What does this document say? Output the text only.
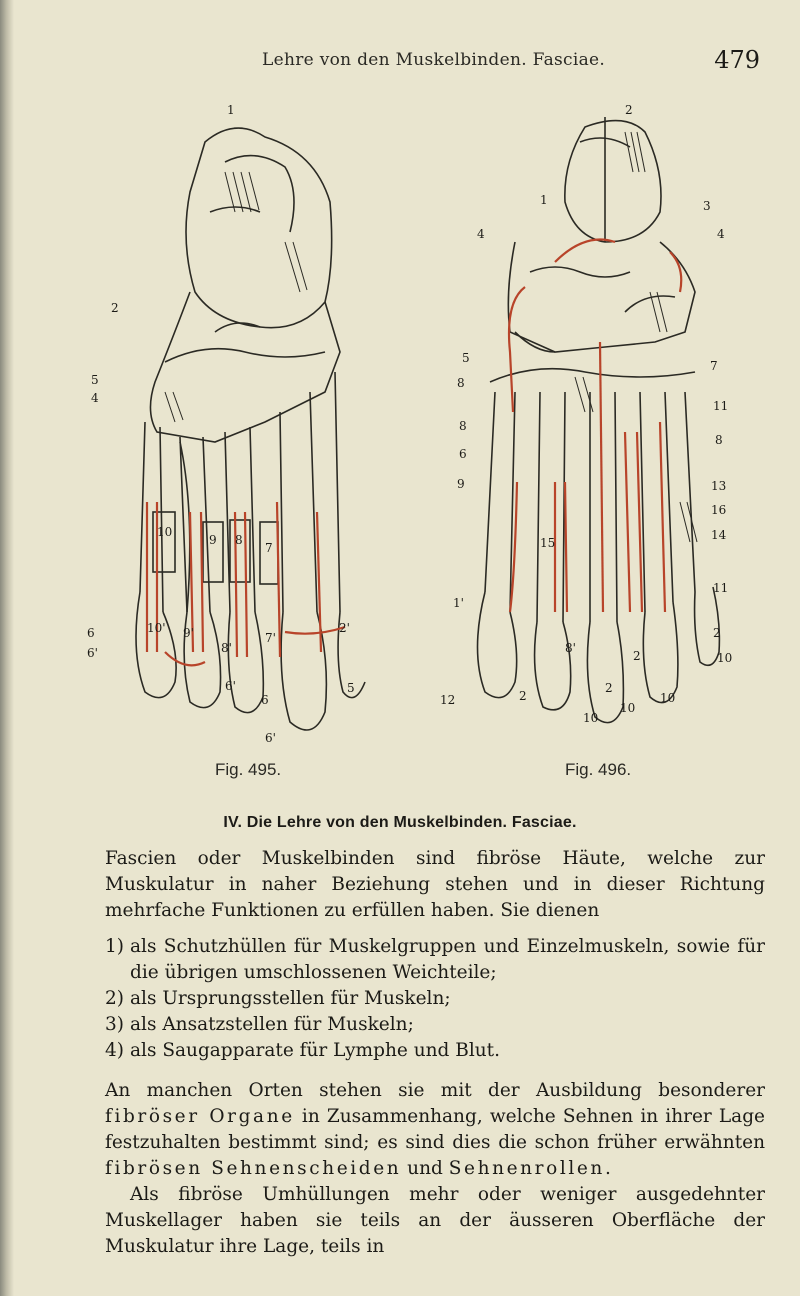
Lehre von den Muskelbinden. Fasciae.	479
1
2
5
4
10
9 8
7
6
6'
10' 9'
8'
7'
2'
5
6
6'
6'
2
1	3
4	4
5
8
7
8
11
8
6
9	13
16
14
1'
15
11
2
10
12	2
8'
2
10
10
10
2
Fig. 495.	Fig. 496.
IV. Die Lehre von den Muskelbinden. Fasciae.

Fascien oder Muskelbinden sind fibröse Häute, welche zur Muskulatur in naher Beziehung stehen und in dieser Richtung mehrfache Funktionen zu erfüllen haben. Sie dienen

1) als Schutzhüllen für Muskelgruppen und Einzelmuskeln, sowie für die übrigen umschlossenen Weichteile;
2) als Ursprungsstellen für Muskeln;
3) als Ansatzstellen für Muskeln;
4) als Saugapparate für Lymphe und Blut.

An manchen Orten stehen sie mit der Ausbildung besonderer fibröser Organe in Zusammenhang, welche Sehnen in ihrer Lage festzuhalten bestimmt sind; es sind dies die schon früher erwähnten fibrösen Sehnenscheiden und Sehnenrollen.

Als fibröse Umhüllungen mehr oder weniger ausgedehnter Muskellager haben sie teils an der äusseren Oberfläche der Muskulatur ihre Lage, teils in
